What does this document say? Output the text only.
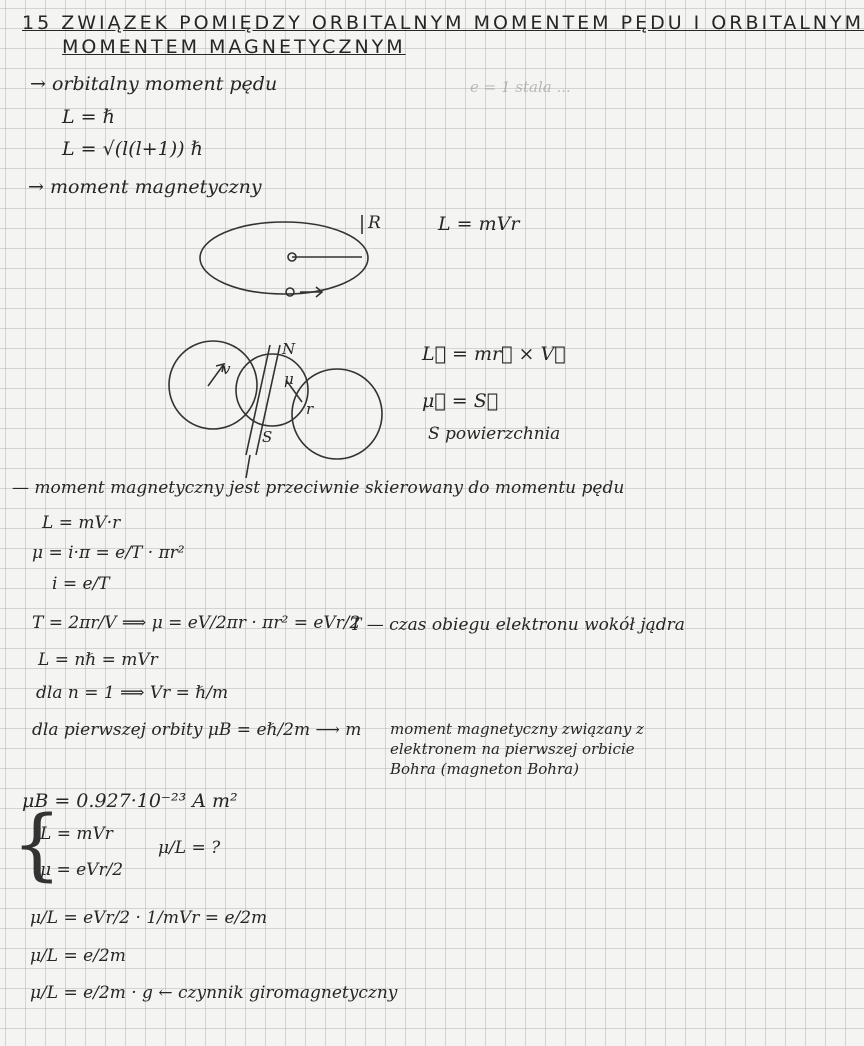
e = 1 stala ...
15 ZWIĄZEK POMIĘDZY ORBITALNYM MOMENTEM PĘDU I ORBITALNYM
MOMENTEM MAGNETYCZNYM
→ orbitalny moment pędu
L = ℏ
L = √(l(l+1)) ℏ
→ moment magnetyczny
R	L = mVr
v
N
μ
r
S
L⃗ = mr⃗ × V⃗
μ⃗ = S⃗
S powierzchnia
— moment magnetyczny jest przeciwnie skierowany do momentu pędu
L = mV·r
μ = i·π = e/T · πr²
i = e/T
T = 2πr/V ⟹ μ = eV/2πr · πr² = eVr/2
T — czas obiegu elektronu wokół jądra
L = nℏ = mVr
dla n = 1 ⟹ Vr = ℏ/m
dla pierwszej orbity μB = eℏ/2m ⟶ m moment magnetyczny związany z
elektronem na pierwszej orbicie
Bohra (magneton Bohra)
μB = 0.927·10⁻²³ A m²
{
L = mVr
μ = eVr/2
μ/L = ?
μ/L = eVr/2 · 1/mVr = e/2m
μ/L = e/2m
μ/L = e/2m · g ← czynnik giromagnetyczny
